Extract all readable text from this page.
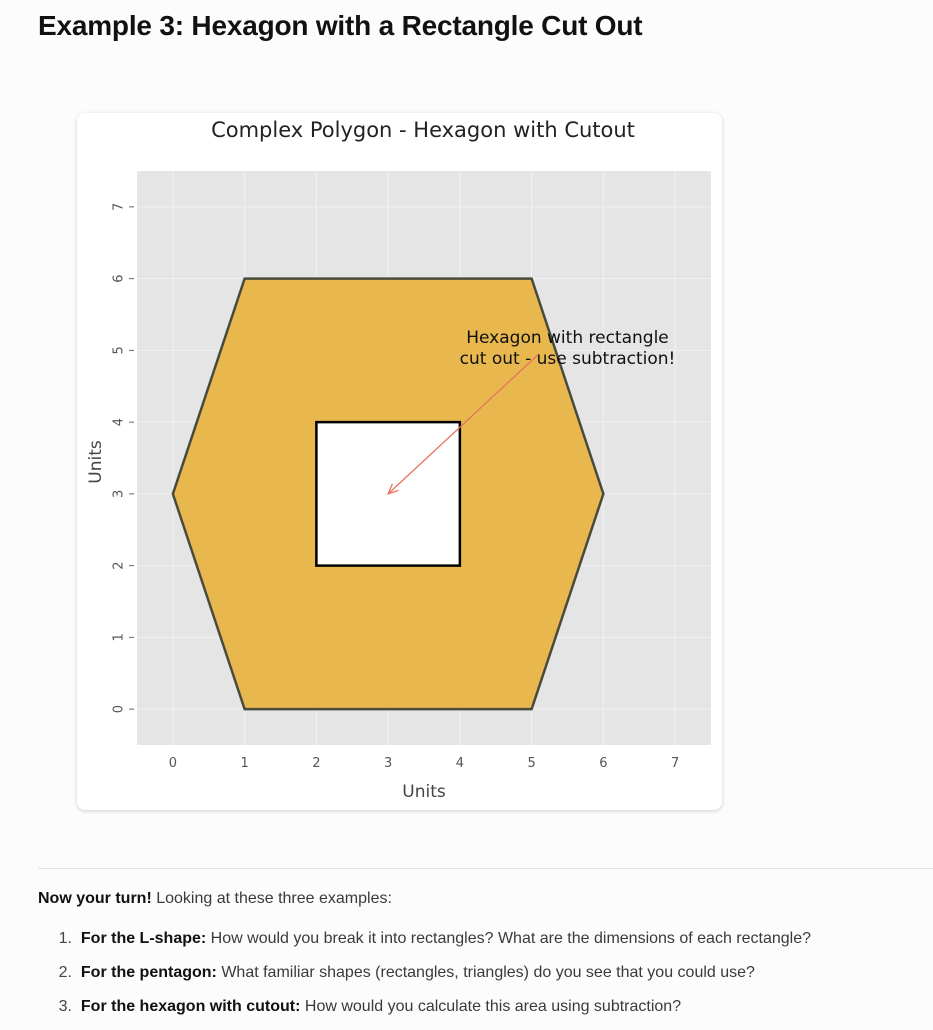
Example 3: Hexagon with a Rectangle Cut Out
Complex Polygon - Hexagon with Cutout
0	1	2	3	4	5	6	7
0
1
2
3
4
5
6
7
Hexagon with rectangle
cut out - use subtraction!
Units
Units

Now your turn! Looking at these three examples:

1. For the L-shape: How would you break it into rectangles? What are the dimensions of each rectangle?
2. For the pentagon: What familiar shapes (rectangles, triangles) do you see that you could use?
3. For the hexagon with cutout: How would you calculate this area using subtraction?
